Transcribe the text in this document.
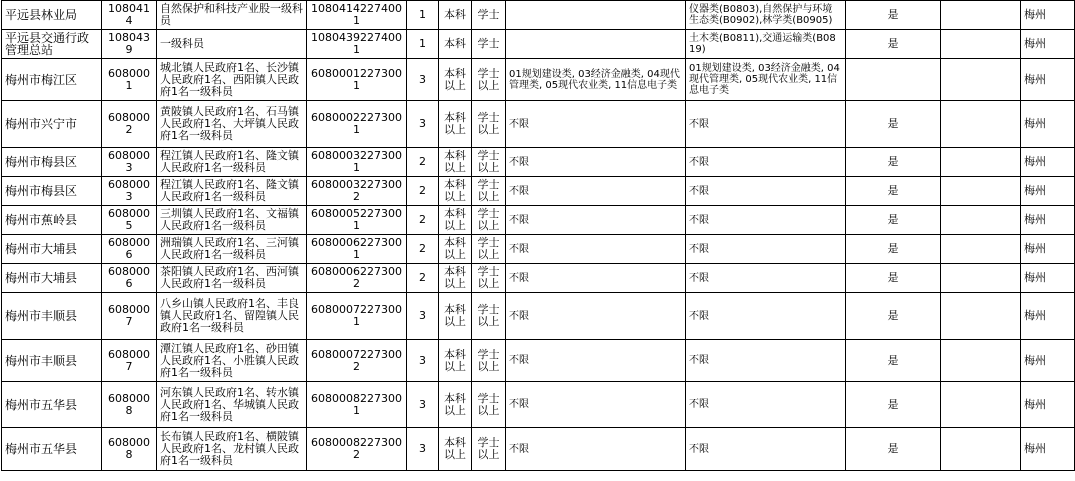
平远县林业局	1080414	自然保护和科技产业股一级科员	10804142274001	1	本科	学士		仪器类(B0803),自然保护与环境生态类(B0902),林学类(B0905)	是		梅州
平远县交通行政管理总站	1080439	一级科员	10804392274001	1	本科	学士		土木类(B0811),交通运输类(B0819)	是		梅州
梅州市梅江区	6080001	城北镇人民政府1名、长沙镇人民政府1名、西阳镇人民政府1名一级科员	60800012273001	3	本科以上	学士以上	01规划建设类, 03经济金融类, 04现代管理类, 05现代农业类, 11信息电子类	01规划建设类, 03经济金融类, 04现代管理类, 05现代农业类, 11信息电子类			梅州
梅州市兴宁市	6080002	黄陂镇人民政府1名、石马镇人民政府1名、大坪镇人民政府1名一级科员	60800022273001	3	本科以上	学士以上	不限	不限	是		梅州
梅州市梅县区	6080003	程江镇人民政府1名、隆文镇人民政府1名一级科员	60800032273001	2	本科以上	学士以上	不限	不限	是		梅州
梅州市梅县区	6080003	程江镇人民政府1名、隆文镇人民政府1名一级科员	60800032273002	2	本科以上	学士以上	不限	不限	是		梅州
梅州市蕉岭县	6080005	三圳镇人民政府1名、文福镇人民政府1名一级科员	60800052273001	2	本科以上	学士以上	不限	不限	是		梅州
梅州市大埔县	6080006	洲瑞镇人民政府1名、三河镇人民政府1名一级科员	60800062273001	2	本科以上	学士以上	不限	不限	是		梅州
梅州市大埔县	6080006	茶阳镇人民政府1名、西河镇人民政府1名一级科员	60800062273002	2	本科以上	学士以上	不限	不限	是		梅州
梅州市丰顺县	6080007	八乡山镇人民政府1名、丰良镇人民政府1名、留隍镇人民政府1名一级科员	60800072273001	3	本科以上	学士以上	不限	不限	是		梅州
梅州市丰顺县	6080007	潭江镇人民政府1名、砂田镇人民政府1名、小胜镇人民政府1名一级科员	60800072273002	3	本科以上	学士以上	不限	不限	是		梅州
梅州市五华县	6080008	河东镇人民政府1名、转水镇人民政府1名、华城镇人民政府1名一级科员	60800082273001	3	本科以上	学士以上	不限	不限	是		梅州
梅州市五华县	6080008	长布镇人民政府1名、横陂镇人民政府1名、龙村镇人民政府1名一级科员	60800082273002	3	本科以上	学士以上	不限	不限	是		梅州
